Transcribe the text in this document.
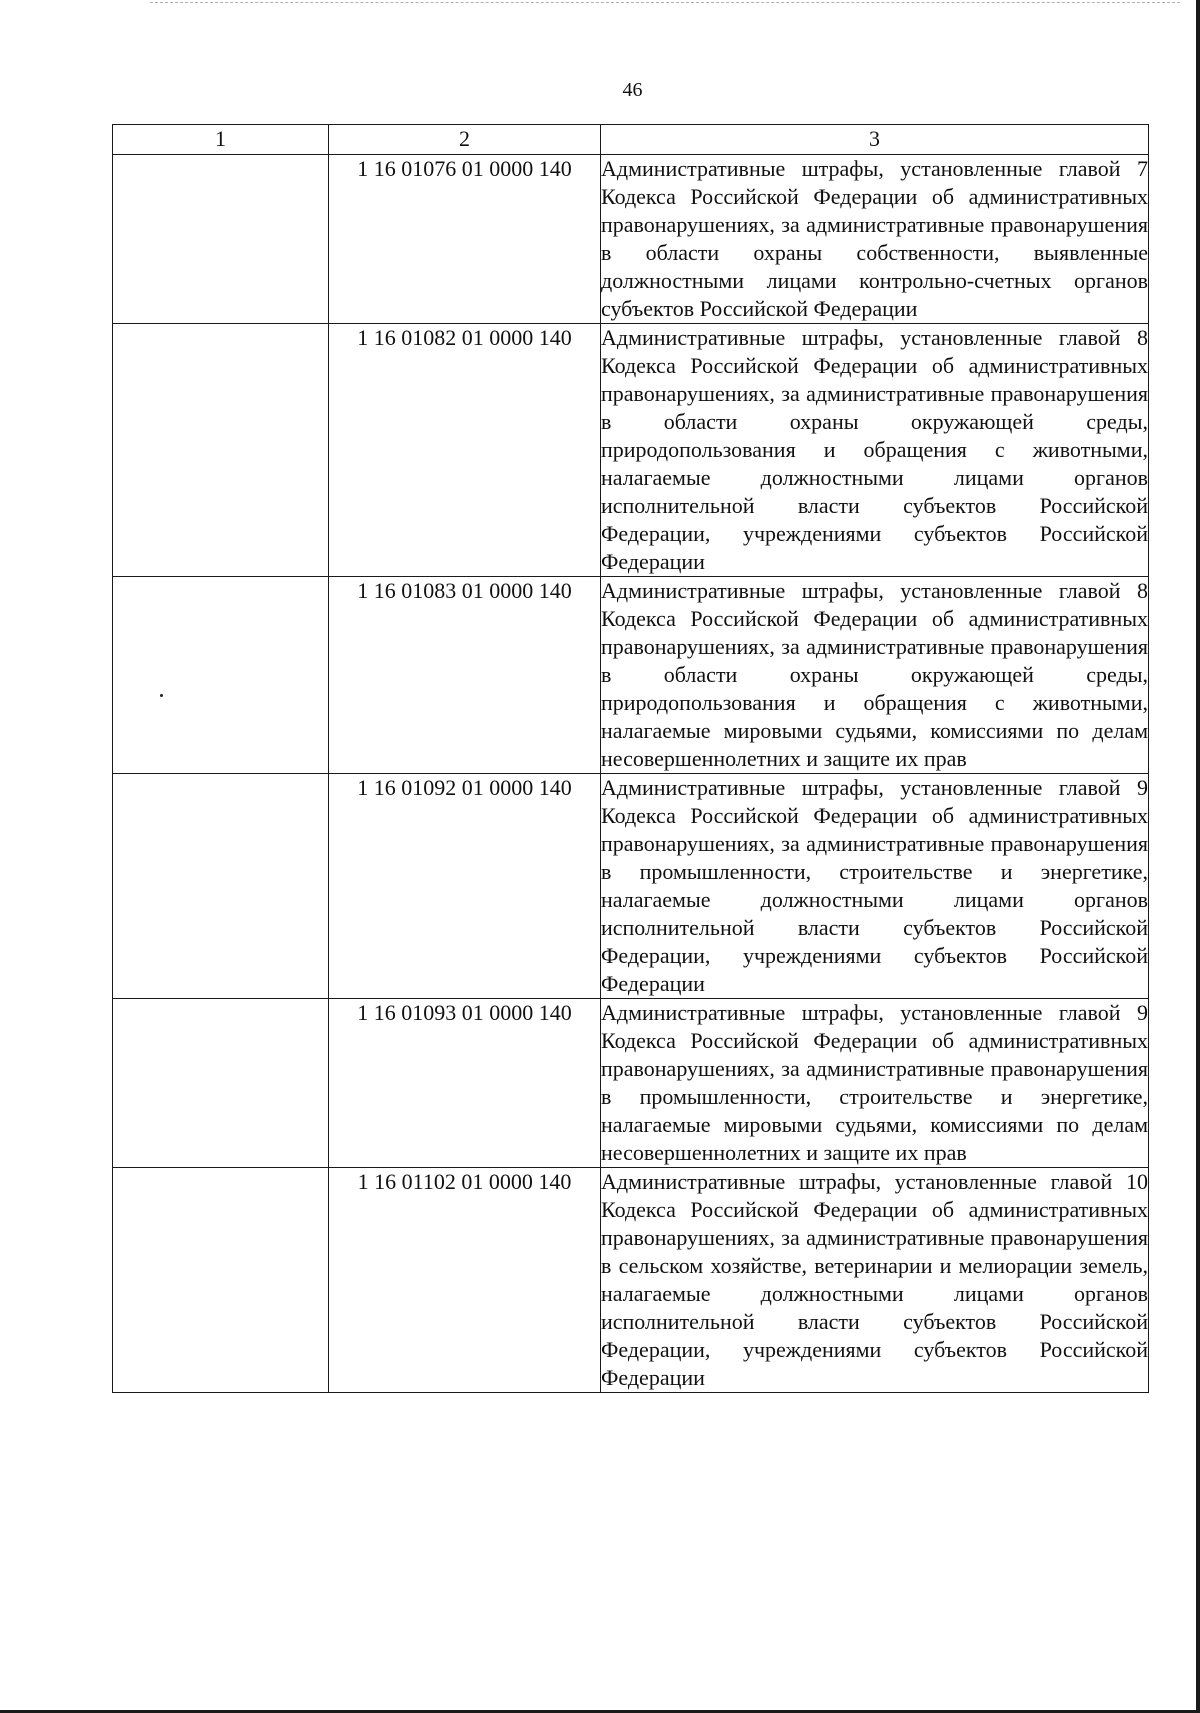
46
1	2	3
	1 16 01076 01 0000 140	Административные штрафы, установленные главой 7 Кодекса Российской Федерации об административных правонарушениях, за административные правонарушения в области охраны собственности, выявленные должностными лицами контрольно-счетных органов субъектов Российской Федерации
	1 16 01082 01 0000 140	Административные штрафы, установленные главой 8 Кодекса Российской Федерации об административных правонарушениях, за административные правонарушения в области охраны окружающей среды, природопользования и обращения с животными, налагаемые должностными лицами органов исполнительной власти субъектов Российской Федерации, учреждениями субъектов Российской Федерации

	1 16 01083 01 0000 140	Административные штрафы, установленные главой 8 Кодекса Российской Федерации об административных правонарушениях, за административные правонарушения в области охраны окружающей среды, природопользования и обращения с животными, налагаемые мировыми судьями, комиссиями по делам несовершеннолетних и защите их прав
	1 16 01092 01 0000 140	Административные штрафы, установленные главой 9 Кодекса Российской Федерации об административных правонарушениях, за административные правонарушения в промышленности, строительстве и энергетике, налагаемые должностными лицами органов исполнительной власти субъектов Российской Федерации, учреждениями субъектов Российской Федерации
	1 16 01093 01 0000 140	Административные штрафы, установленные главой 9 Кодекса Российской Федерации об административных правонарушениях, за административные правонарушения в промышленности, строительстве и энергетике, налагаемые мировыми судьями, комиссиями по делам несовершеннолетних и защите их прав
	1 16 01102 01 0000 140	Административные штрафы, установленные главой 10 Кодекса Российской Федерации об административных правонарушениях, за административные правонарушения в сельском хозяйстве, ветеринарии и мелиорации земель, налагаемые должностными лицами органов исполнительной власти субъектов Российской Федерации, учреждениями субъектов Российской Федерации
